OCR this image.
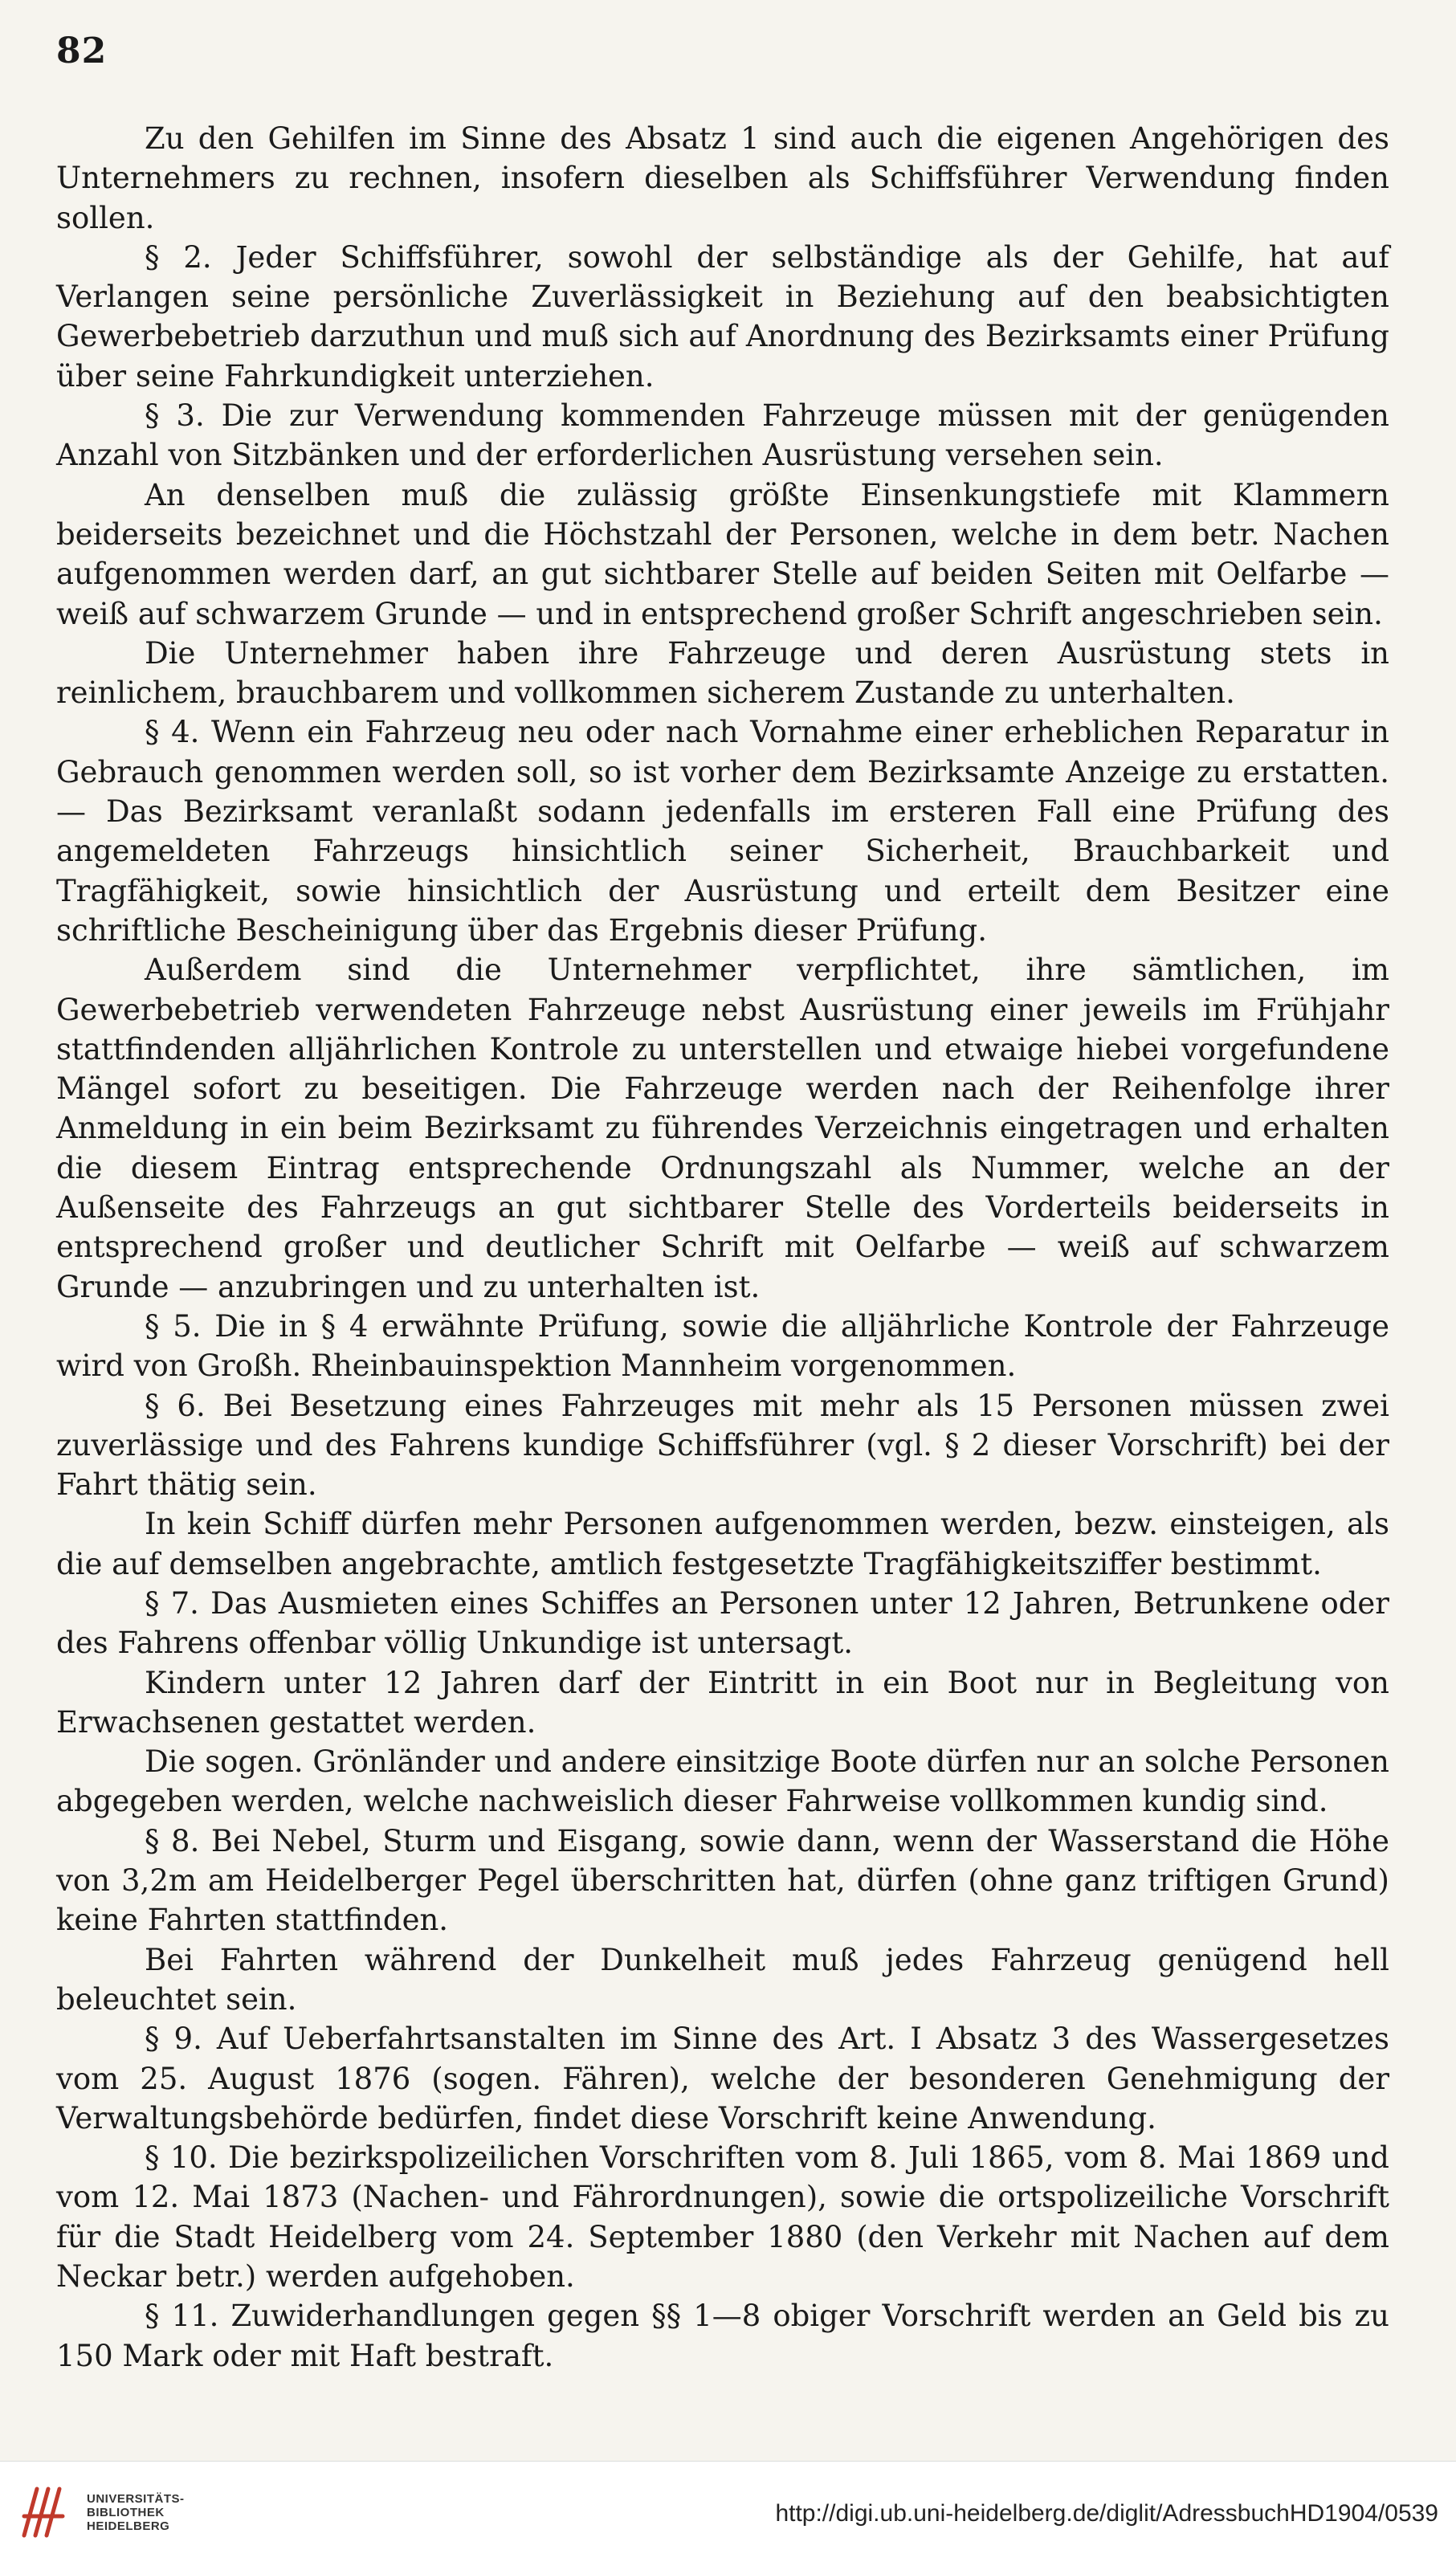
82

Zu den Gehilfen im Sinne des Absatz 1 sind auch die eigenen Angehörigen des Unternehmers zu rechnen, insofern dieselben als Schiffsführer Verwendung finden sollen.

§ 2. Jeder Schiffsführer, sowohl der selbständige als der Gehilfe, hat auf Verlangen seine persönliche Zuverlässigkeit in Beziehung auf den beabsichtigten Gewerbebetrieb darzuthun und muß sich auf Anordnung des Bezirksamts einer Prüfung über seine Fahrkundigkeit unterziehen.

§ 3. Die zur Verwendung kommenden Fahrzeuge müssen mit der genügenden Anzahl von Sitzbänken und der erforderlichen Ausrüstung versehen sein.

An denselben muß die zulässig größte Einsenkungstiefe mit Klammern beiderseits bezeichnet und die Höchstzahl der Personen, welche in dem betr. Nachen aufgenommen werden darf, an gut sichtbarer Stelle auf beiden Seiten mit Oelfarbe — weiß auf schwarzem Grunde — und in entsprechend großer Schrift angeschrieben sein.

Die Unternehmer haben ihre Fahrzeuge und deren Ausrüstung stets in reinlichem, brauchbarem und vollkommen sicherem Zustande zu unterhalten.

§ 4. Wenn ein Fahrzeug neu oder nach Vornahme einer erheblichen Reparatur in Gebrauch genommen werden soll, so ist vorher dem Bezirksamte Anzeige zu erstatten. — Das Bezirksamt veranlaßt sodann jedenfalls im ersteren Fall eine Prüfung des angemeldeten Fahrzeugs hinsichtlich seiner Sicherheit, Brauchbarkeit und Tragfähigkeit, sowie hinsichtlich der Ausrüstung und erteilt dem Besitzer eine schriftliche Bescheinigung über das Ergebnis dieser Prüfung.

Außerdem sind die Unternehmer verpflichtet, ihre sämtlichen, im Gewerbebetrieb verwendeten Fahrzeuge nebst Ausrüstung einer jeweils im Frühjahr stattfindenden alljährlichen Kontrole zu unterstellen und etwaige hiebei vorgefundene Mängel sofort zu beseitigen. Die Fahrzeuge werden nach der Reihenfolge ihrer Anmeldung in ein beim Bezirksamt zu führendes Verzeichnis eingetragen und erhalten die diesem Eintrag entsprechende Ordnungszahl als Nummer, welche an der Außenseite des Fahrzeugs an gut sichtbarer Stelle des Vorderteils beiderseits in entsprechend großer und deutlicher Schrift mit Oelfarbe — weiß auf schwarzem Grunde — anzubringen und zu unterhalten ist.

§ 5. Die in § 4 erwähnte Prüfung, sowie die alljährliche Kontrole der Fahrzeuge wird von Großh. Rheinbauinspektion Mannheim vorgenommen.

§ 6. Bei Besetzung eines Fahrzeuges mit mehr als 15 Personen müssen zwei zuverlässige und des Fahrens kundige Schiffsführer (vgl. § 2 dieser Vorschrift) bei der Fahrt thätig sein.

In kein Schiff dürfen mehr Personen aufgenommen werden, bezw. einsteigen, als die auf demselben angebrachte, amtlich festgesetzte Tragfähigkeitsziffer bestimmt.

§ 7. Das Ausmieten eines Schiffes an Personen unter 12 Jahren, Betrunkene oder des Fahrens offenbar völlig Unkundige ist untersagt.

Kindern unter 12 Jahren darf der Eintritt in ein Boot nur in Begleitung von Erwachsenen gestattet werden.

Die sogen. Grönländer und andere einsitzige Boote dürfen nur an solche Personen abgegeben werden, welche nachweislich dieser Fahrweise vollkommen kundig sind.

§ 8. Bei Nebel, Sturm und Eisgang, sowie dann, wenn der Wasserstand die Höhe von 3,2m am Heidelberger Pegel überschritten hat, dürfen (ohne ganz triftigen Grund) keine Fahrten stattfinden.

Bei Fahrten während der Dunkelheit muß jedes Fahrzeug genügend hell beleuchtet sein.

§ 9. Auf Ueberfahrtsanstalten im Sinne des Art. I Absatz 3 des Wassergesetzes vom 25. August 1876 (sogen. Fähren), welche der besonderen Genehmigung der Verwaltungsbehörde bedürfen, findet diese Vorschrift keine Anwendung.

§ 10. Die bezirkspolizeilichen Vorschriften vom 8. Juli 1865, vom 8. Mai 1869 und vom 12. Mai 1873 (Nachen- und Fährordnungen), sowie die ortspolizeiliche Vorschrift für die Stadt Heidelberg vom 24. September 1880 (den Verkehr mit Nachen auf dem Neckar betr.) werden aufgehoben.

§ 11. Zuwiderhandlungen gegen §§ 1—8 obiger Vorschrift werden an Geld bis zu 150 Mark oder mit Haft bestraft.

UNIVERSITÄTS-
BIBLIOTHEK
HEIDELBERG	http://digi.ub.uni-heidelberg.de/diglit/AdressbuchHD1904/0539
